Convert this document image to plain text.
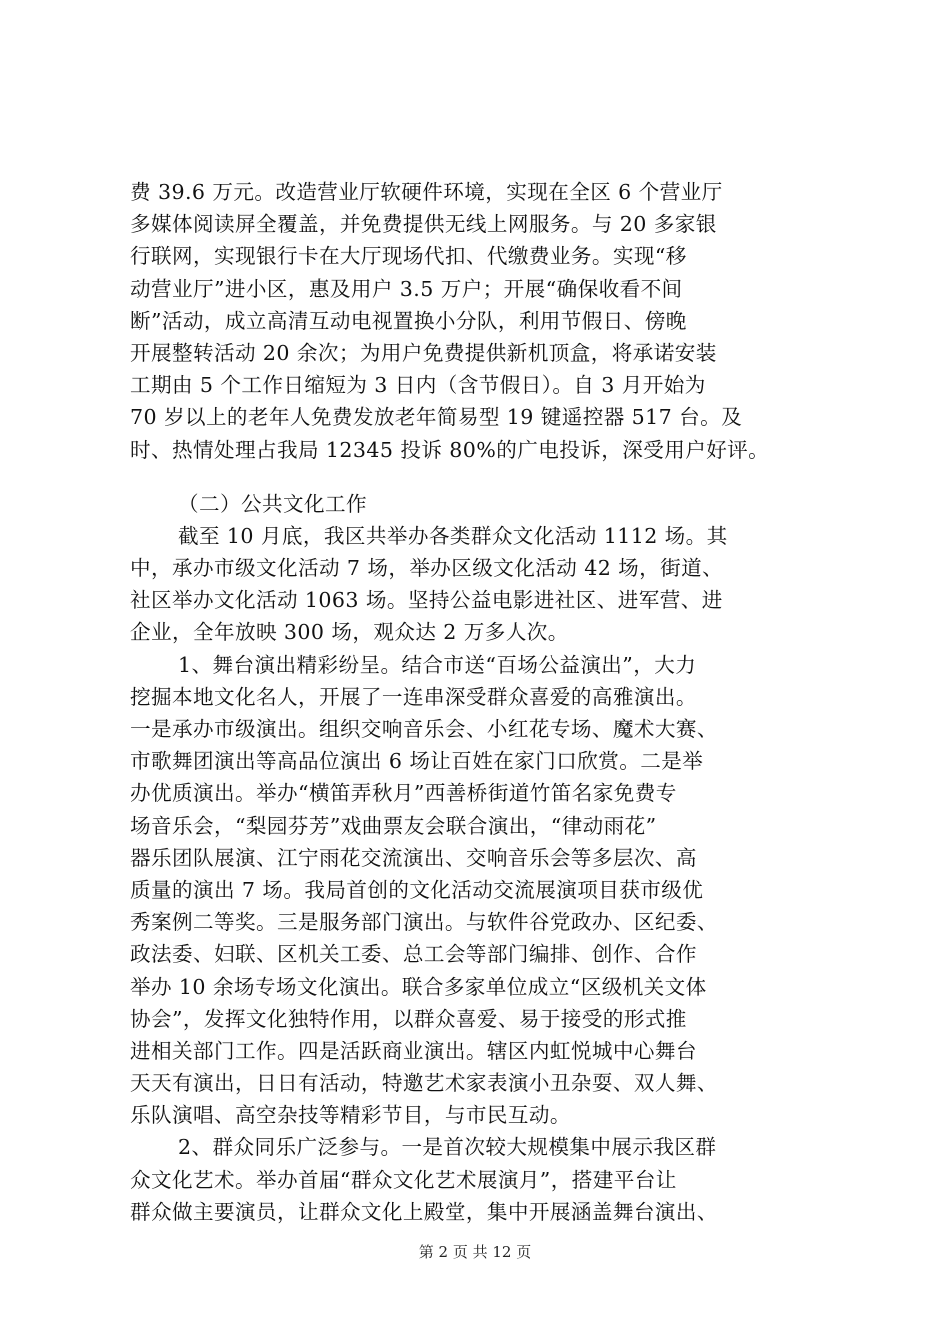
费 39.6 万元。改造营业厅软硬件环境，实现在全区 6 个营业厅
多媒体阅读屏全覆盖，并免费提供无线上网服务。与 20 多家银
行联网，实现银行卡在大厅现场代扣、代缴费业务。实现“移
动营业厅”进小区，惠及用户 3.5 万户；开展“确保收看不间
断”活动，成立高清互动电视置换小分队，利用节假日、傍晚
开展整转活动 20 余次；为用户免费提供新机顶盒，将承诺安装
工期由 5 个工作日缩短为 3 日内（含节假日）。自 3 月开始为
70 岁以上的老年人免费发放老年简易型 19 键遥控器 517 台。及
时、热情处理占我局 12345 投诉 80%的广电投诉，深受用户好评。
（二）公共文化工作
截至 10 月底，我区共举办各类群众文化活动 1112 场。其
中，承办市级文化活动 7 场，举办区级文化活动 42 场，街道、
社区举办文化活动 1063 场。坚持公益电影进社区、进军营、进
企业，全年放映 300 场，观众达 2 万多人次。
1、舞台演出精彩纷呈。结合市送“百场公益演出”，大力
挖掘本地文化名人，开展了一连串深受群众喜爱的高雅演出。
一是承办市级演出。组织交响音乐会、小红花专场、魔术大赛、
市歌舞团演出等高品位演出 6 场让百姓在家门口欣赏。二是举
办优质演出。举办“横笛弄秋月”西善桥街道竹笛名家免费专
场音乐会，“梨园芬芳”戏曲票友会联合演出，“律动雨花”
器乐团队展演、江宁雨花交流演出、交响音乐会等多层次、高
质量的演出 7 场。我局首创的文化活动交流展演项目获市级优
秀案例二等奖。三是服务部门演出。与软件谷党政办、区纪委、
政法委、妇联、区机关工委、总工会等部门编排、创作、合作
举办 10 余场专场文化演出。联合多家单位成立“区级机关文体
协会”，发挥文化独特作用，以群众喜爱、易于接受的形式推
进相关部门工作。四是活跃商业演出。辖区内虹悦城中心舞台
天天有演出，日日有活动，特邀艺术家表演小丑杂耍、双人舞、
乐队演唱、高空杂技等精彩节目，与市民互动。
2、群众同乐广泛参与。一是首次较大规模集中展示我区群
众文化艺术。举办首届“群众文化艺术展演月”，搭建平台让
群众做主要演员，让群众文化上殿堂，集中开展涵盖舞台演出、
第 2 页 共 12 页
